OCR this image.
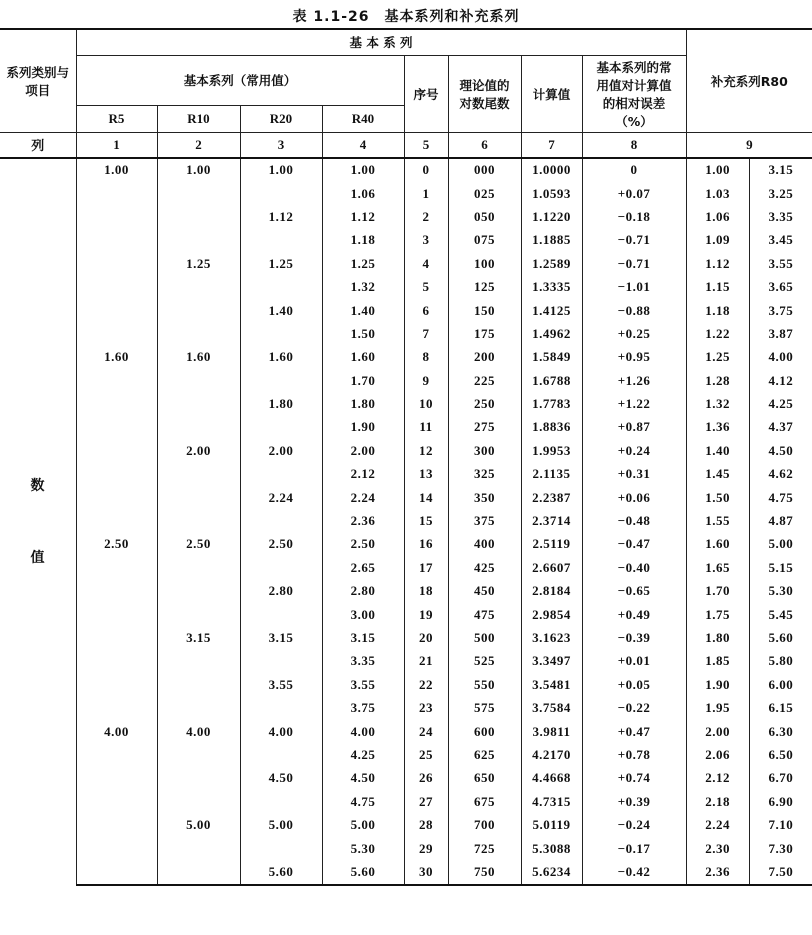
表 1.1-26　基本系列和补充系列
系列类别与项目	基 本 系 列								补充系列R80	
	基本系列（常用值）				序号	理论值的对数尾数	计算值	基本系列的常用值对计算值的相对误差（%）		
	R5	R10	R20	R40						
列	1	2	3	4	5	6	7	8	9	

数
值	1.00	1.00	1.00	1.00	0	000	1.0000	0	1.00	3.15
				1.06	1	025	1.0593	+0.07	1.03	3.25
			1.12	1.12	2	050	1.1220	−0.18	1.06	3.35
				1.18	3	075	1.1885	−0.71	1.09	3.45
		1.25	1.25	1.25	4	100	1.2589	−0.71	1.12	3.55
				1.32	5	125	1.3335	−1.01	1.15	3.65
			1.40	1.40	6	150	1.4125	−0.88	1.18	3.75
				1.50	7	175	1.4962	+0.25	1.22	3.87
	1.60	1.60	1.60	1.60	8	200	1.5849	+0.95	1.25	4.00
				1.70	9	225	1.6788	+1.26	1.28	4.12
			1.80	1.80	10	250	1.7783	+1.22	1.32	4.25
				1.90	11	275	1.8836	+0.87	1.36	4.37
		2.00	2.00	2.00	12	300	1.9953	+0.24	1.40	4.50
				2.12	13	325	2.1135	+0.31	1.45	4.62
			2.24	2.24	14	350	2.2387	+0.06	1.50	4.75
				2.36	15	375	2.3714	−0.48	1.55	4.87
	2.50	2.50	2.50	2.50	16	400	2.5119	−0.47	1.60	5.00
				2.65	17	425	2.6607	−0.40	1.65	5.15
			2.80	2.80	18	450	2.8184	−0.65	1.70	5.30
				3.00	19	475	2.9854	+0.49	1.75	5.45
		3.15	3.15	3.15	20	500	3.1623	−0.39	1.80	5.60
				3.35	21	525	3.3497	+0.01	1.85	5.80
			3.55	3.55	22	550	3.5481	+0.05	1.90	6.00
				3.75	23	575	3.7584	−0.22	1.95	6.15
	4.00	4.00	4.00	4.00	24	600	3.9811	+0.47	2.00	6.30
				4.25	25	625	4.2170	+0.78	2.06	6.50
			4.50	4.50	26	650	4.4668	+0.74	2.12	6.70
				4.75	27	675	4.7315	+0.39	2.18	6.90
		5.00	5.00	5.00	28	700	5.0119	−0.24	2.24	7.10
				5.30	29	725	5.3088	−0.17	2.30	7.30
			5.60	5.60	30	750	5.6234	−0.42	2.36	7.50
